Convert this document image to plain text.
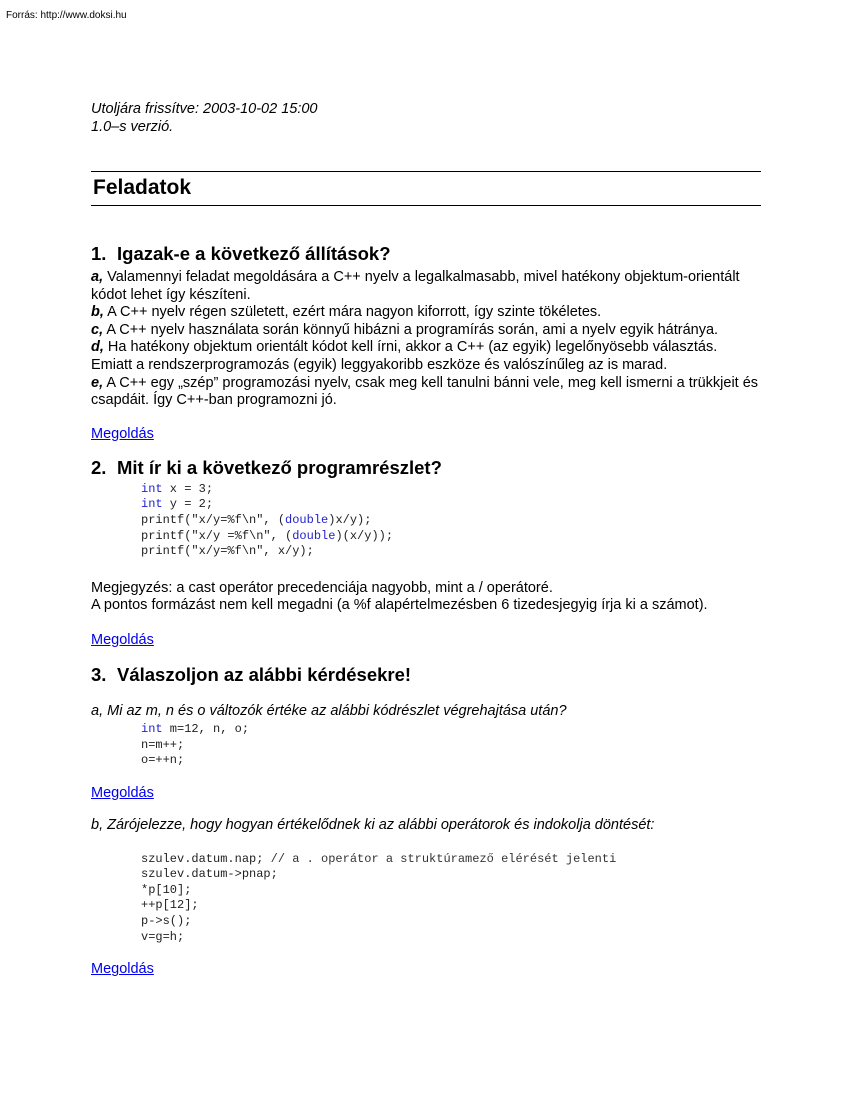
Forrás: http://www.doksi.hu
Utoljára frissítve: 2003-10-02 15:00
1.0–s verzió.
Feladatok
1. Igazak-e a következő állítások?

a, Valamennyi feladat megoldására a C++ nyelv a legalkalmasabb, mivel hatékony objektum-orientált kódot lehet így készíteni.

b, A C++ nyelv régen született, ezért mára nagyon kiforrott, így szinte tökéletes.

c, A C++ nyelv használata során könnyű hibázni a programírás során, ami a nyelv egyik hátránya.

d, Ha hatékony objektum orientált kódot kell írni, akkor a C++ (az egyik) legelőnyösebb választás. Emiatt a rendszerprogramozás (egyik) leggyakoribb eszköze és valószínűleg az is marad.

e, A C++ egy „szép” programozási nyelv, csak meg kell tanulni bánni vele, meg kell ismerni a trükkjeit és csapdáit. Így C++-ban programozni jó.

Megoldás
2. Mit ír ki a következő programrészlet?
int x = 3;
int y = 2;
printf("x/y=%f\n", (double)x/y);
printf("x/y =%f\n", (double)(x/y));
printf("x/y=%f\n", x/y);

Megjegyzés: a cast operátor precedenciája nagyobb, mint a / operátoré.

A pontos formázást nem kell megadni (a %f alapértelmezésben 6 tizedesjegyig írja ki a számot).

Megoldás
3. Válaszoljon az alábbi kérdésekre!

a, Mi az m, n és o változók értéke az alábbi kódrészlet végrehajtása után?

int m=12, n, o;
n=m++;
o=++n;
Megoldás

b, Zárójelezze, hogy hogyan értékelődnek ki az alábbi operátorok és indokolja döntését:

szulev.datum.nap; // a . operátor a struktúramező elérését jelenti
szulev.datum->pnap;
*p[10];
++p[12];
p->s();
v=g=h;
Megoldás
